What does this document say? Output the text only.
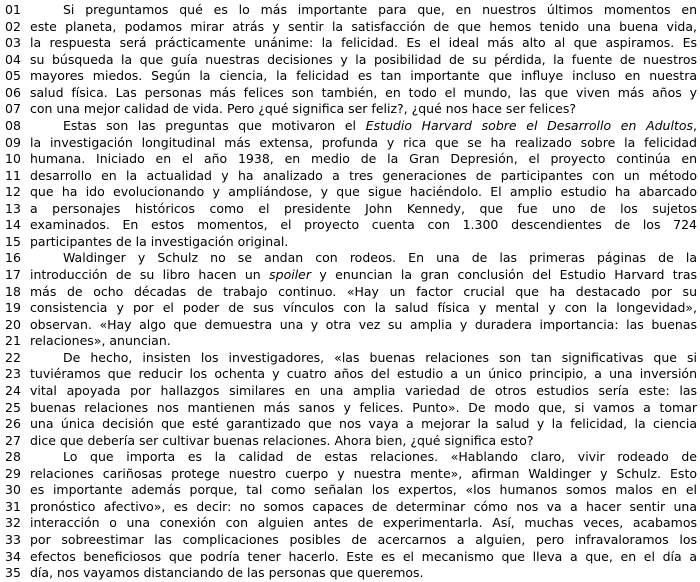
01	Si preguntamos qué es lo más importante para que, en nuestros últimos momentos en
02 este planeta, podamos mirar atrás y sentir la satisfacción de que hemos tenido una buena vida,
03 la respuesta será prácticamente unánime: la felicidad. Es el ideal más alto al que aspiramos. Es
04 su búsqueda la que guía nuestras decisiones y la posibilidad de su pérdida, la fuente de nuestros
05 mayores miedos. Según la ciencia, la felicidad es tan importante que influye incluso en nuestra
06 salud física. Las personas más felices son también, en todo el mundo, las que viven más años y
07 con una mejor calidad de vida. Pero ¿qué significa ser feliz?, ¿qué nos hace ser felices?
08	Estas son las preguntas que motivaron el Estudio Harvard sobre el Desarrollo en Adultos,
09 la investigación longitudinal más extensa, profunda y rica que se ha realizado sobre la felicidad
10 humana. Iniciado en el año 1938, en medio de la Gran Depresión, el proyecto continúa en
11 desarrollo en la actualidad y ha analizado a tres generaciones de participantes con un método
12 que ha ido evolucionando y ampliándose, y que sigue haciéndolo. El amplio estudio ha abarcado
13 a personajes históricos como el presidente John Kennedy, que fue uno de los sujetos
14 examinados. En estos momentos, el proyecto cuenta con 1.300 descendientes de los 724
15 participantes de la investigación original.
16	Waldinger y Schulz no se andan con rodeos. En una de las primeras páginas de la
17 introducción de su libro hacen un spoiler y enuncian la gran conclusión del Estudio Harvard tras
18 más de ocho décadas de trabajo continuo. «Hay un factor crucial que ha destacado por su
19 consistencia y por el poder de sus vínculos con la salud física y mental y con la longevidad»,
20 observan. «Hay algo que demuestra una y otra vez su amplia y duradera importancia: las buenas
21 relaciones», anuncian.
22	De hecho, insisten los investigadores, «las buenas relaciones son tan significativas que si
23 tuviéramos que reducir los ochenta y cuatro años del estudio a un único principio, a una inversión
24 vital apoyada por hallazgos similares en una amplia variedad de otros estudios sería este: las
25 buenas relaciones nos mantienen más sanos y felices. Punto». De modo que, si vamos a tomar
26 una única decisión que esté garantizado que nos vaya a mejorar la salud y la felicidad, la ciencia
27 dice que debería ser cultivar buenas relaciones. Ahora bien, ¿qué significa esto?
28	Lo que importa es la calidad de estas relaciones. «Hablando claro, vivir rodeado de
29 relaciones cariñosas protege nuestro cuerpo y nuestra mente», afirman Waldinger y Schulz. Esto
30 es importante además porque, tal como señalan los expertos, «los humanos somos malos en el
31 pronóstico afectivo», es decir: no somos capaces de determinar cómo nos va a hacer sentir una
32 interacción o una conexión con alguien antes de experimentarla. Así, muchas veces, acabamos
33 por sobreestimar las complicaciones posibles de acercarnos a alguien, pero infravaloramos los
34 efectos beneficiosos que podría tener hacerlo. Este es el mecanismo que lleva a que, en el día a
35 día, nos vayamos distanciando de las personas que queremos.
